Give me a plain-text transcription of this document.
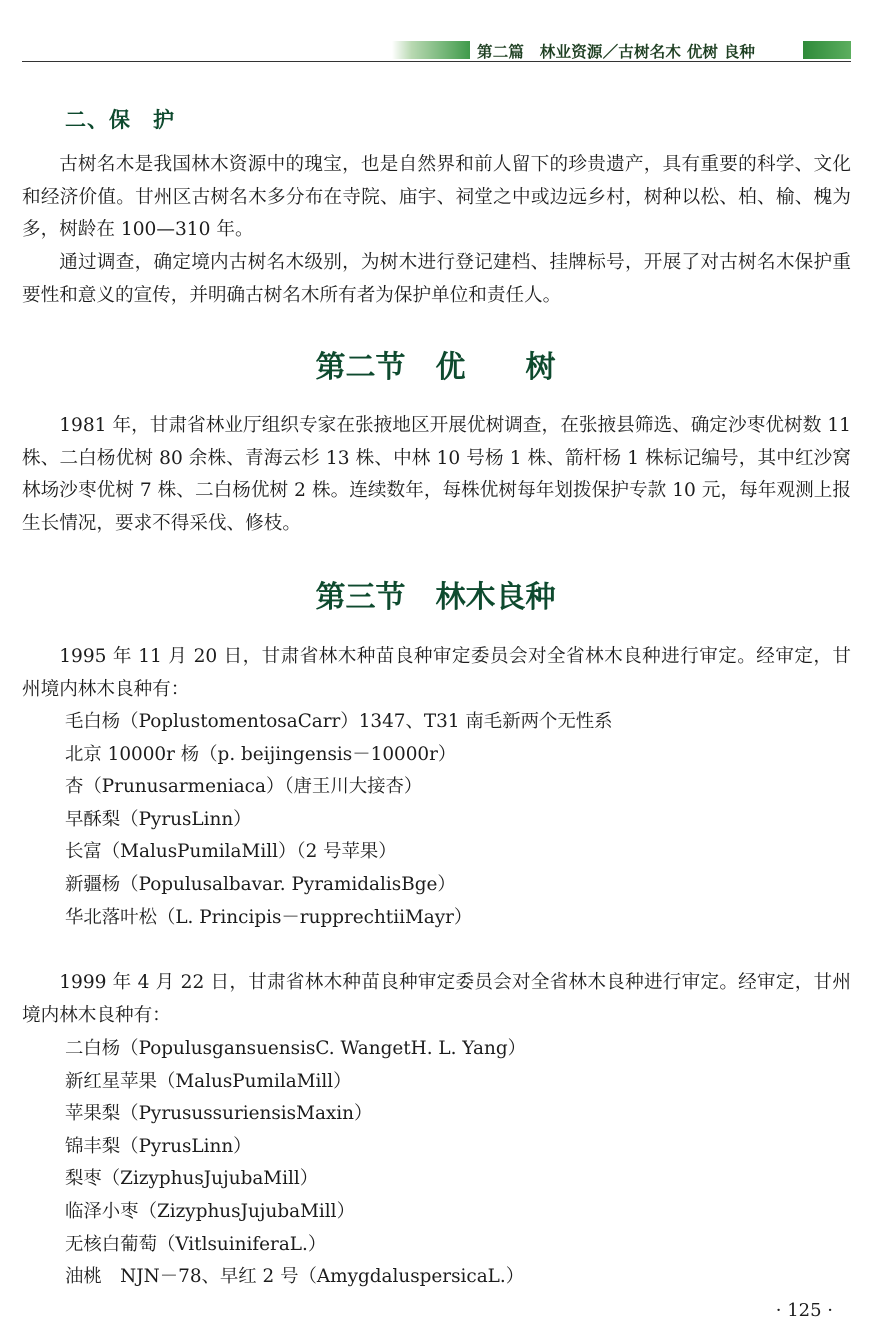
第二篇　林业资源／古树名木 优树 良种
二、保　护

古树名木是我国林木资源中的瑰宝，也是自然界和前人留下的珍贵遗产，具有重要的科学、文化和经济价值。甘州区古树名木多分布在寺院、庙宇、祠堂之中或边远乡村，树种以松、柏、榆、槐为多，树龄在 100—310 年。

通过调查，确定境内古树名木级别，为树木进行登记建档、挂牌标号，开展了对古树名木保护重要性和意义的宣传，并明确古树名木所有者为保护单位和责任人。

第二节　优　　树

1981 年，甘肃省林业厅组织专家在张掖地区开展优树调查，在张掖县筛选、确定沙枣优树数 11 株、二白杨优树 80 余株、青海云杉 13 株、中林 10 号杨 1 株、箭杆杨 1 株标记编号，其中红沙窝林场沙枣优树 7 株、二白杨优树 2 株。连续数年，每株优树每年划拨保护专款 10 元，每年观测上报生长情况，要求不得采伐、修枝。

第三节　林木良种

1995 年 11 月 20 日，甘肃省林木种苗良种审定委员会对全省林木良种进行审定。经审定，甘州境内林木良种有：

毛白杨（PoplustomentosaCarr）1347、T31 南毛新两个无性系
北京 10000r 杨（p. beijingensis－10000r）
杏（Prunusarmeniaca）（唐王川大接杏）
早酥梨（PyrusLinn）
长富（MalusPumilaMill）（2 号苹果）
新疆杨（Populusalbavar. PyramidalisBge）
华北落叶松（L. Principis－rupprechtiiMayr）

1999 年 4 月 22 日，甘肃省林木种苗良种审定委员会对全省林木良种进行审定。经审定，甘州境内林木良种有：

二白杨（PopulusgansuensisC. WangetH. L. Yang）
新红星苹果（MalusPumilaMill）
苹果梨（PyrusussuriensisMaxin）
锦丰梨（PyrusLinn）
梨枣（ZizyphusJujubaMill）
临泽小枣（ZizyphusJujubaMill）
无核白葡萄（VitlsuiniferaL.）
油桃　NJN－78、早红 2 号（AmygdaluspersicaL.）
· 125 ·
